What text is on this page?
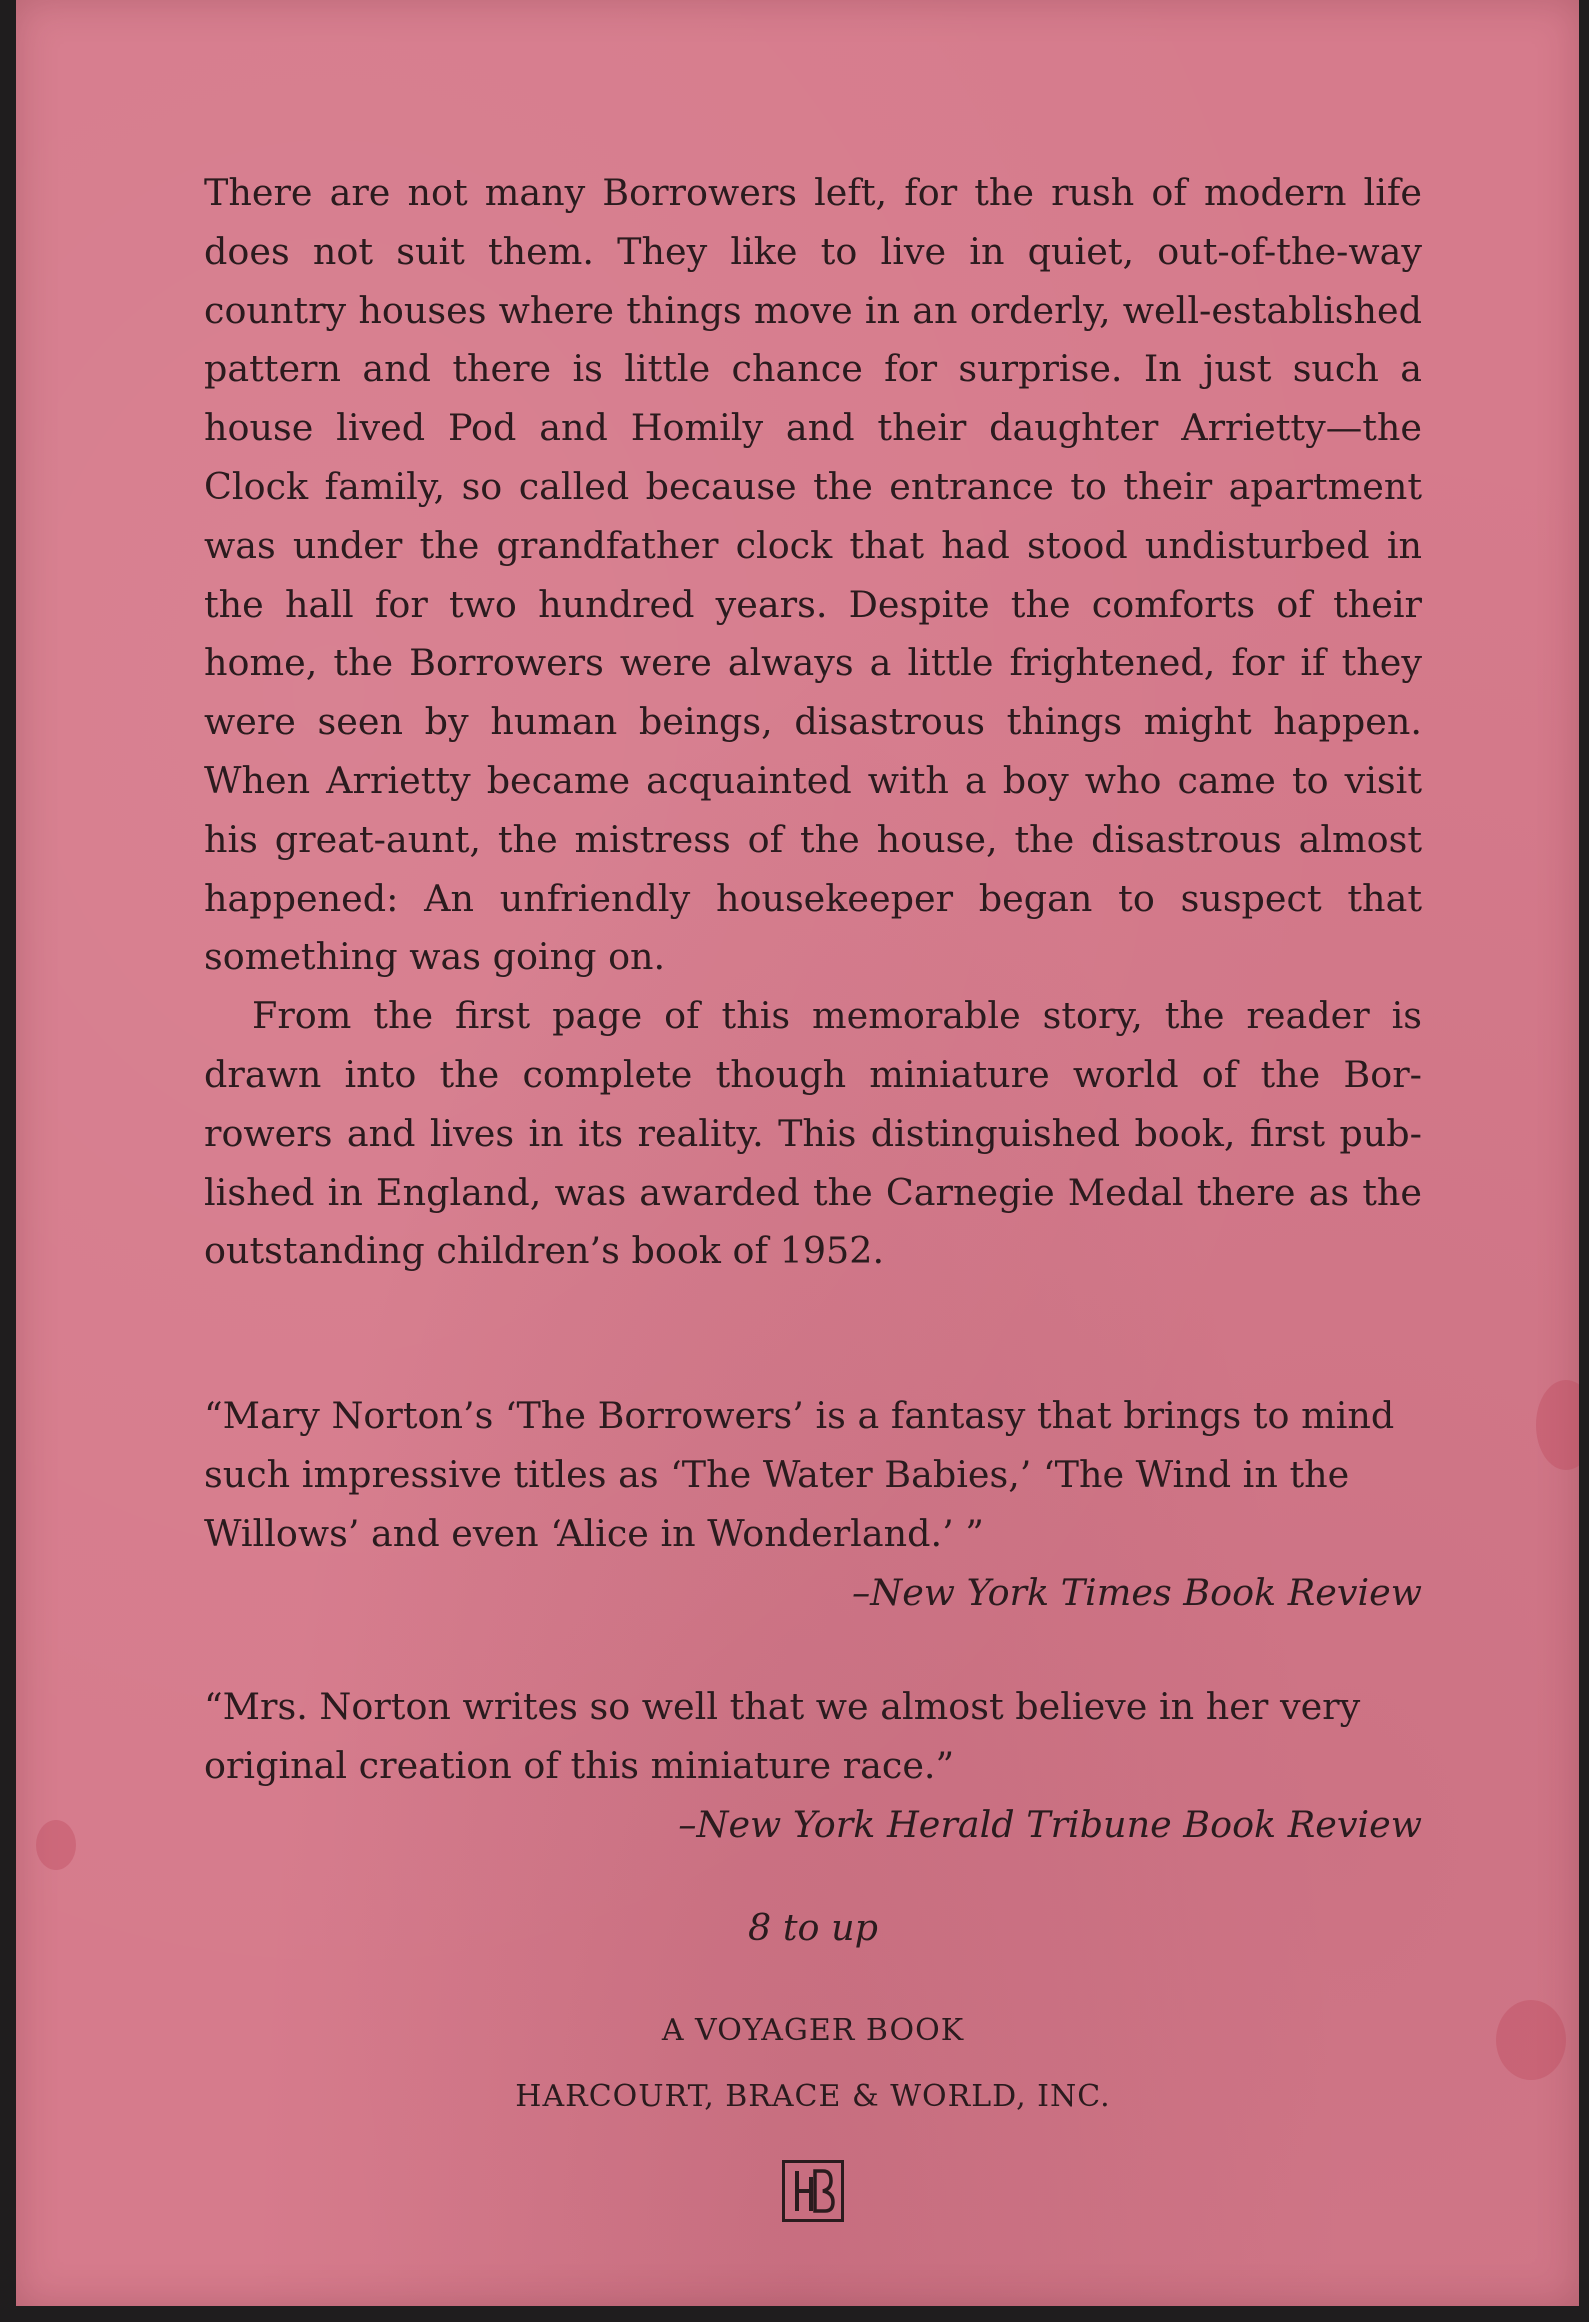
There are not many Borrowers left, for the rush of modern life does not suit them. They like to live in quiet, out-of-the-way country houses where things move in an orderly, well-established pattern and there is little chance for surprise. In just such a house lived Pod and Homily and their daughter Arrietty—the Clock family, so called because the entrance to their apartment was under the grandfather clock that had stood undisturbed in the hall for two hundred years. Despite the comforts of their home, the Borrowers were always a little frightened, for if they were seen by human beings, disastrous things might happen. When Arrietty became acquainted with a boy who came to visit his great-aunt, the mistress of the house, the disastrous almost happened: An unfriendly housekeeper began to suspect that something was going on.

From the first page of this memorable story, the reader is drawn into the complete though miniature world of the Borrowers and lives in its reality. This distinguished book, first published in England, was awarded the Carnegie Medal there as the outstanding children’s book of 1952.

“Mary Norton’s ‘The Borrowers’ is a fantasy that brings to mind such impressive titles as ‘The Water Babies,’ ‘The Wind in the Willows’ and even ‘Alice in Wonderland.’ ”

–New York Times Book Review

“Mrs. Norton writes so well that we almost believe in her very original creation of this miniature race.”

–New York Herald Tribune Book Review

8 to up

A VOYAGER BOOK
HARCOURT, BRACE & WORLD, INC.
